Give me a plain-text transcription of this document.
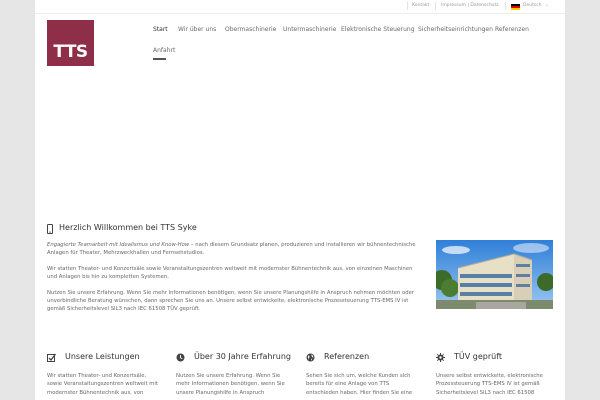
Kontakt	Impressum | Datenschutz	Deutsch ⌄
TTS
Start Wir über uns Obermaschinerie Untermaschinerie Elektronische Steuerung Sicherheitseinrichtungen Referenzen
Anfahrt
Herzlich Willkommen bei TTS Syke
Engagierte Teamarbeit mit Idealismus und Know-How – nach diesem Grundsatz planen, produzieren und installieren wir bühnentechnische Anlagen für Theater, Mehrzweckhallen und Fernsehstudios.
Wir statten Theater- und Konzertsäle sowie Veranstaltungszentren weltweit mit modernster Bühnentechnik aus, von einzelnen Maschinen und Anlagen bis hin zu kompletten Systemen.
Nutzen Sie unsere Erfahrung. Wenn Sie mehr Informationen benötigen, wenn Sie unsere Planungshilfe in Anspruch nehmen möchten oder unverbindliche Beratung wünschen, dann sprechen Sie uns an. Unsere selbst entwickelte, elektronische Prozessteuerung TTS-EMS IV ist gemäß Sicherheitslevel SIL3 nach IEC 61508 TÜV geprüft.
Unsere Leistungen
Wir statten Theater- und Konzertsäle, sowie Veranstaltungszentren weltweit mit modernster Bühnentechnik aus, von
Über 30 Jahre Erfahrung
Nutzen Sie unsere Erfahrung. Wenn Sie mehr Informationen benötigen, wenn Sie unsere Planungshilfe in Anspruch
Referenzen
Sehen Sie sich um, welche Kunden sich bereits für eine Anlage von TTS entschieden haben. Hier finden Sie eine
TÜV geprüft
Unsere selbst entwickelte, elektronische Prozessteuerung TTS-EMS IV ist gemäß Sicherheitslevel SIL3 nach IEC 61508
